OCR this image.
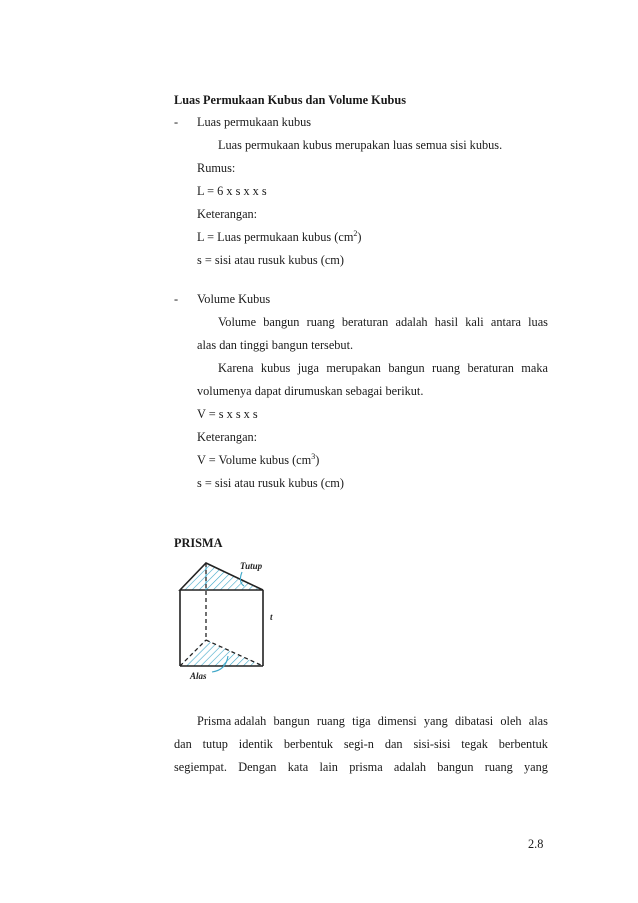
Luas Permukaan Kubus dan Volume Kubus
- Luas permukaan kubus
Luas permukaan kubus merupakan luas semua sisi kubus.
Rumus:
L = 6 x s x x s
Keterangan:
L = Luas permukaan kubus $(cm^2)$
s = sisi atau rusuk kubus (cm)
- Volume Kubus
Volume bangun ruang beraturan adalah hasil kali antara luas
alas dan tinggi bangun tersebut.
Karena kubus juga merupakan bangun ruang beraturan maka
volumenya dapat dirumuskan sebagai berikut.
V = s x s x s
Keterangan:
V = Volume kubus $(cm^3)$
s = sisi atau rusuk kubus (cm)
PRISMA
Tutup
t
Alas
Prisma adalah bangun ruang tiga dimensi yang dibatasi oleh alas
dan tutup identik berbentuk segi-n dan sisi-sisi tegak berbentuk
segiempat. Dengan kata lain prisma adalah bangun ruang yang
2.8
